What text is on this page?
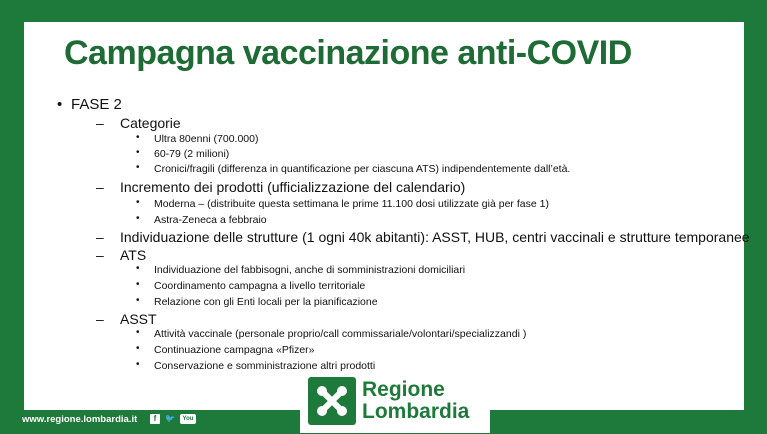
Campagna vaccinazione anti-COVID
• FASE 2
– Categorie
• Ultra 80enni (700.000)
• 60-79 (2 milioni)
• Cronici/fragili (differenza in quantificazione per ciascuna ATS) indipendentemente dall’età.
– Incremento dei prodotti (ufficializzazione del calendario)
• Moderna – (distribuite questa settimana le prime 11.100 dosi utilizzate già per fase 1)
• Astra-Zeneca a febbraio
– Individuazione delle strutture (1 ogni 40k abitanti): ASST, HUB, centri vaccinali e strutture temporanee
– ATS
• Individuazione del fabbisogni, anche di somministrazioni domiciliari
• Coordinamento campagna a livello territoriale
• Relazione con gli Enti locali per la pianificazione
– ASST
• Attività vaccinale (personale proprio/call commissariale/volontari/specializzandi )
• Continuazione campagna «Pfizer»
• Conservazione e somministrazione altri prodotti
www.regione.lombardia.it	f	🐦	You Tube
Regione
Lombardia
